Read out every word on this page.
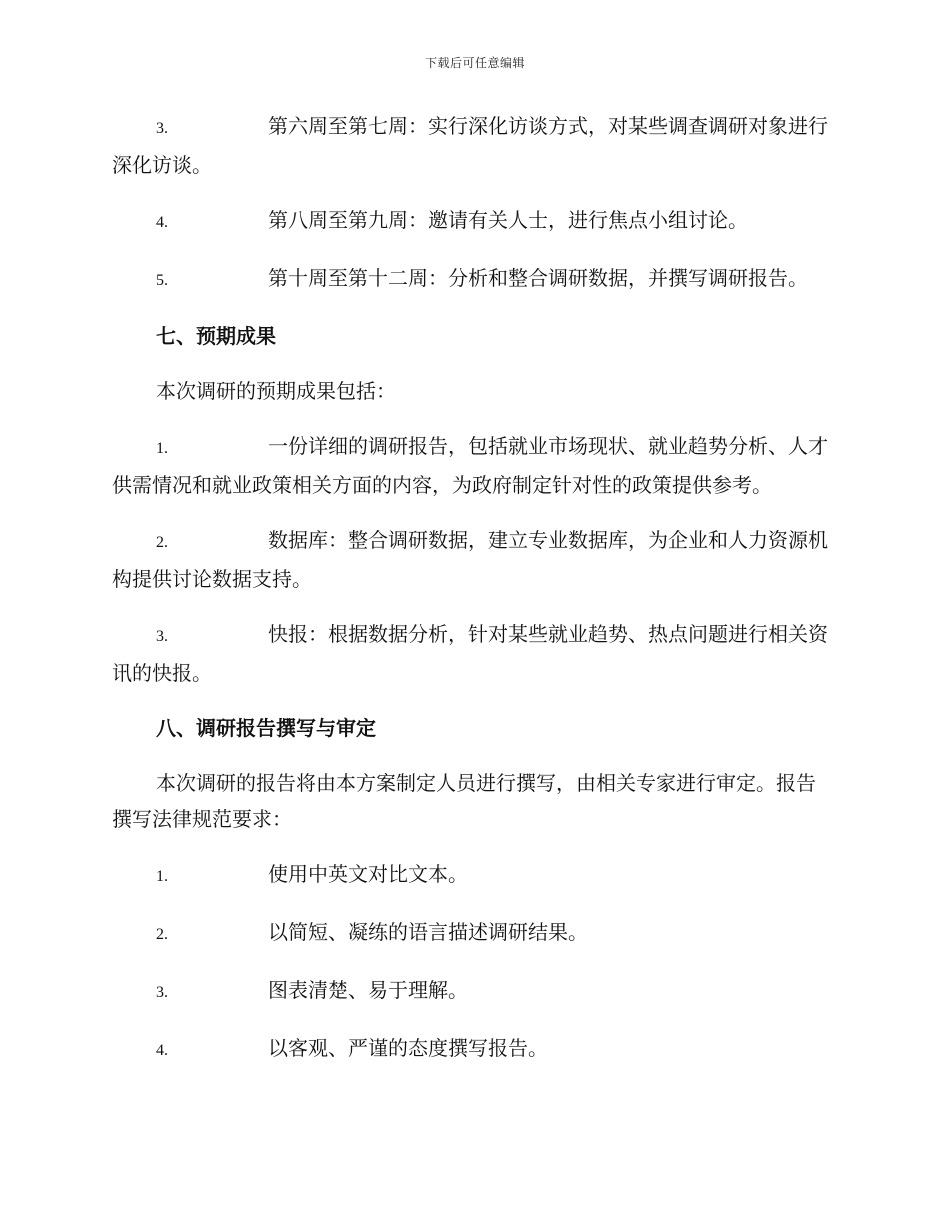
下载后可任意编辑

3.	第六周至第七周：实行深化访谈方式，对某些调查调研对象进行深化访谈。

4.	第八周至第九周：邀请有关人士，进行焦点小组讨论。

5.	第十周至第十二周：分析和整合调研数据，并撰写调研报告。

七、预期成果

本次调研的预期成果包括：

1.	一份详细的调研报告，包括就业市场现状、就业趋势分析、人才供需情况和就业政策相关方面的内容，为政府制定针对性的政策提供参考。

2.	数据库：整合调研数据，建立专业数据库，为企业和人力资源机构提供讨论数据支持。

3.	快报：根据数据分析，针对某些就业趋势、热点问题进行相关资讯的快报。

八、调研报告撰写与审定

本次调研的报告将由本方案制定人员进行撰写，由相关专家进行审定。报告撰写法律规范要求：

1.	使用中英文对比文本。

2.	以简短、凝练的语言描述调研结果。

3.	图表清楚、易于理解。

4.	以客观、严谨的态度撰写报告。
